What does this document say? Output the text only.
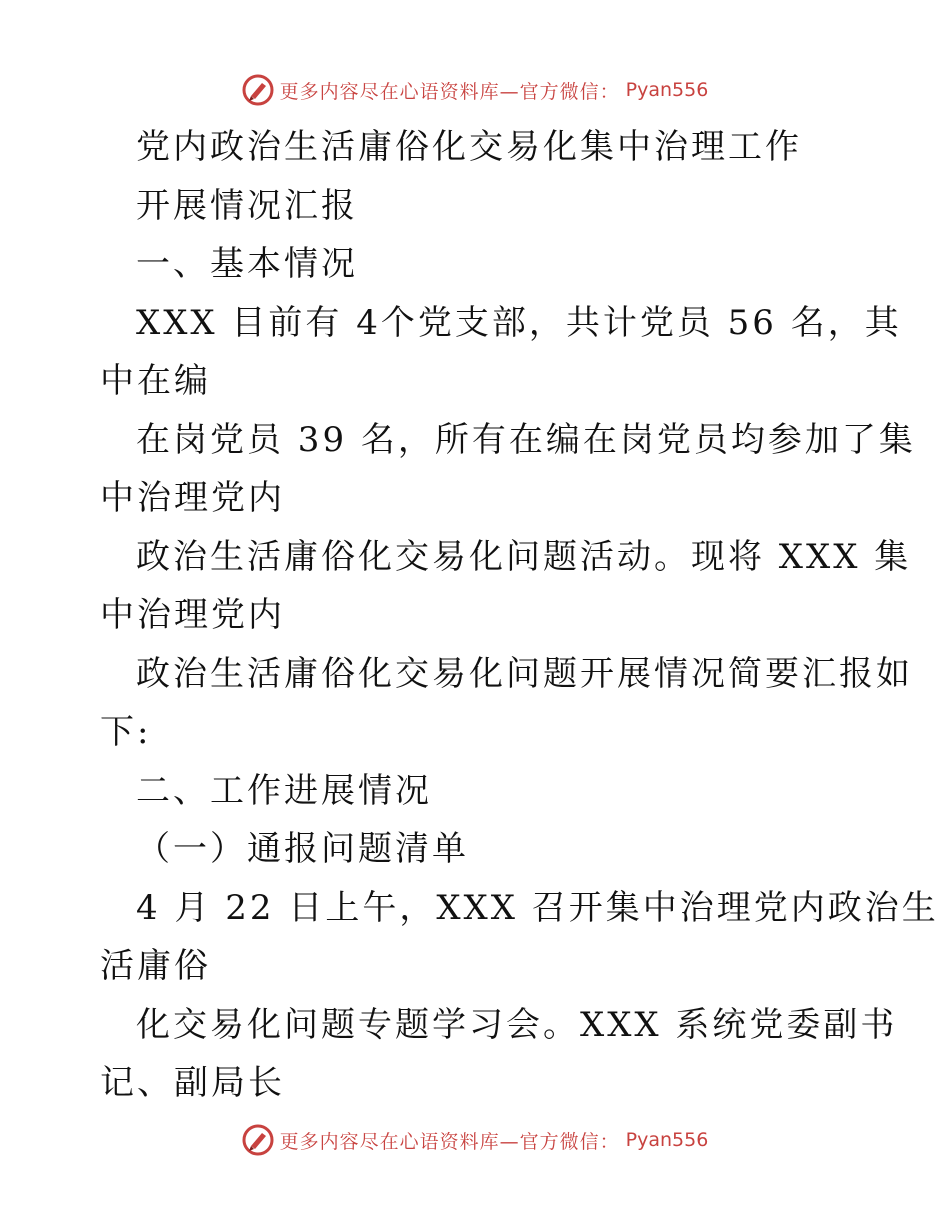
更多内容尽在心语资料库—官方微信： Pyan556
党内政治生活庸俗化交易化集中治理工作
开展情况汇报
一、基本情况
XXX 目前有 4个党支部，共计党员 56 名，其
中在编
在岗党员 39 名，所有在编在岗党员均参加了集
中治理党内
政治生活庸俗化交易化问题活动。现将 XXX 集
中治理党内
政治生活庸俗化交易化问题开展情况简要汇报如
下:
二、工作进展情况
（一）通报问题清单
4 月 22 日上午，XXX 召开集中治理党内政治生
活庸俗
化交易化问题专题学习会。XXX 系统党委副书
记、副局长
更多内容尽在心语资料库—官方微信： Pyan556
